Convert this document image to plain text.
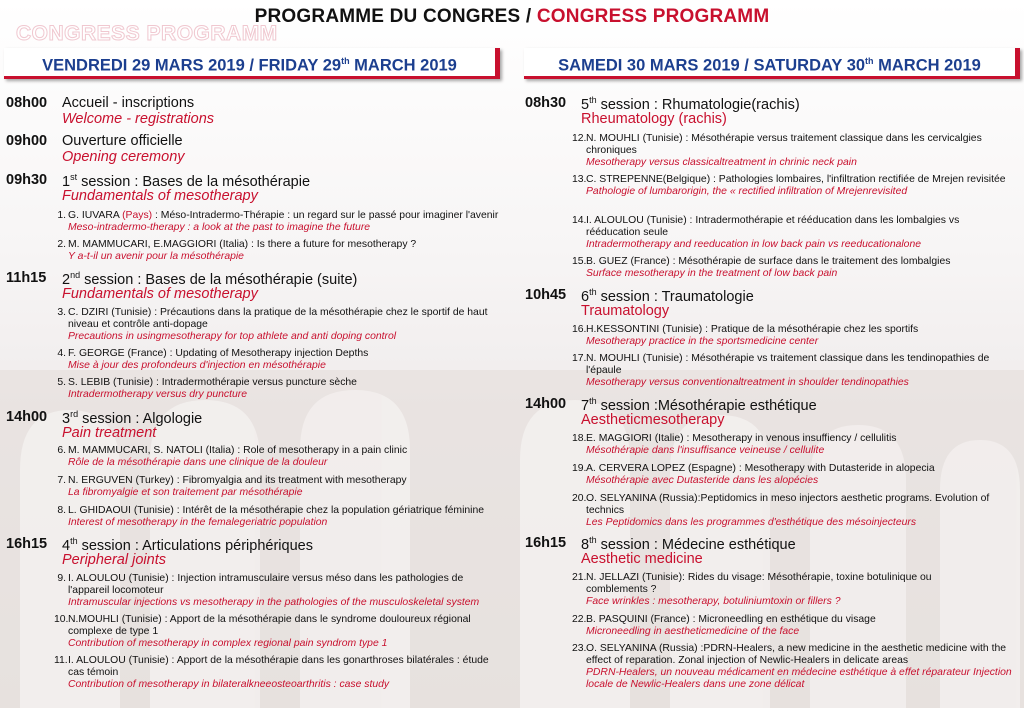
PROGRAMME DU CONGRES / CONGRESS PROGRAMM
CONGRESS PROGRAMM
VENDREDI 29 MARS 2019 / FRIDAY 29th MARCH 2019
08h00 Accueil - inscriptions
Welcome - registrations
09h00 Ouverture officielle
Opening ceremony
09h30 1st session : Bases de la mésothérapie
Fundamentals of mesotherapy
1. G. IUVARA (Pays) : Méso-Intradermo-Thérapie : un regard sur le passé pour imaginer l'avenir
Meso-intradermo-therapy : a look at the past to imagine the future
2. M. MAMMUCARI, E.MAGGIORI (Italia) : Is there a future for mesotherapy ?
Y a-t-il un avenir pour la mésothérapie
11h15 2nd session : Bases de la mésothérapie (suite)
Fundamentals of mesotherapy
3. C. DZIRI (Tunisie) : Précautions dans la pratique de la mésothérapie chez le sportif de haut niveau et contrôle anti-dopage
Precautions in usingmesotherapy for top athlete and anti doping control
4. F. GEORGE (France) : Updating of Mesotherapy injection Depths
Mise à jour des profondeurs d'injection en mésothérapie
5. S. LEBIB (Tunisie) : Intradermothérapie versus puncture sèche
Intradermotherapy versus dry puncture
14h00 3rd session : Algologie
Pain treatment
6. M. MAMMUCARI, S. NATOLI (Italia) : Role of mesotherapy in a pain clinic
Rôle de la mésothérapie dans une clinique de la douleur
7. N. ERGUVEN (Turkey) : Fibromyalgia and its treatment with mesotherapy
La fibromyalgie et son traitement par mésothérapie
8. L. GHIDAOUI (Tunisie) : Intérêt de la mésothérapie chez la population gériatrique féminine
Interest of mesotherapy in the femalegeriatric population
16h15 4th session : Articulations périphériques
Peripheral joints
9. I. ALOULOU (Tunisie) : Injection intramusculaire versus méso dans les pathologies de l'appareil locomoteur
Intramuscular injections vs mesotherapy in the pathologies of the musculoskeletal system
10. N.MOUHLI (Tunisie) : Apport de la mésothérapie dans le syndrome douloureux régional complexe de type 1
Contribution of mesotherapy in complex regional pain syndrom type 1
11. I. ALOULOU (Tunisie) : Apport de la mésothérapie dans les gonarthroses bilatérales : étude cas témoin
Contribution of mesotherapy in bilateralkneeosteoarthritis : case study
SAMEDI 30 MARS 2019 / SATURDAY 30th MARCH 2019
08h30 5th session : Rhumatologie(rachis)
Rheumatology (rachis)
12. N. MOUHLI (Tunisie) : Mésothérapie versus traitement classique dans les cervicalgies chroniques
Mesotherapy versus classicaltreatment in chrinic neck pain
13. C. STREPENNE(Belgique) : Pathologies lombaires, l'infiltration rectifiée de Mrejen revisitée
Pathologie of lumbarorigin, the « rectified infiltration of Mrejenrevisited
14. I. ALOULOU (Tunisie) : Intradermothérapie et rééducation dans les lombalgies vs rééducation seule
Intradermotherapy and reeducation in low back pain vs reeducationalone
15. B. GUEZ (France) : Mésothérapie de surface dans le traitement des lombalgies
Surface mesotherapy in the treatment of low back pain
10h45 6th session : Traumatologie
Traumatology
16. H.KESSONTINI (Tunisie) : Pratique de la mésothérapie chez les sportifs
Mesotherapy practice in the sportsmedicine center
17. N. MOUHLI (Tunisie) : Mésothérapie vs traitement classique dans les tendinopathies de l'épaule
Mesotherapy versus conventionaltreatment in shoulder tendinopathies
14h00 7th session :Mésothérapie esthétique
Aestheticmesotherapy
18. E. MAGGIORI (Italie) : Mesotherapy in venous insuffiency / cellulitis
Mésothérapie dans l'insuffisance veineuse / cellulite
19. A. CERVERA LOPEZ (Espagne) : Mesotherapy with Dutasteride in alopecia
Mésothérapie avec Dutasteride dans les alopécies
20. O. SELYANINA (Russia):Peptidomics in meso injectors aesthetic programs. Evolution of technics
Les Peptidomics dans les programmes d'esthétique des mésoinjecteurs
16h15 8th session : Médecine esthétique
Aesthetic medicine
21. N. JELLAZI (Tunisie): Rides du visage: Mésothérapie, toxine botulinique ou comblements ?
Face wrinkles : mesotherapy, botuliniumtoxin or fillers ?
22. B. PASQUINI (France) : Microneedling en esthétique du visage
Microneedling in aestheticmedicine of the face
23. O. SELYANINA (Russia) :PDRN-Healers, a new medicine in the aesthetic medicine with the effect of reparation. Zonal injection of Newlic-Healers in delicate areas
PDRN-Healers, un nouveau médicament en médecine esthétique à effet réparateur Injection locale de Newlic-Healers dans une zone délicat
